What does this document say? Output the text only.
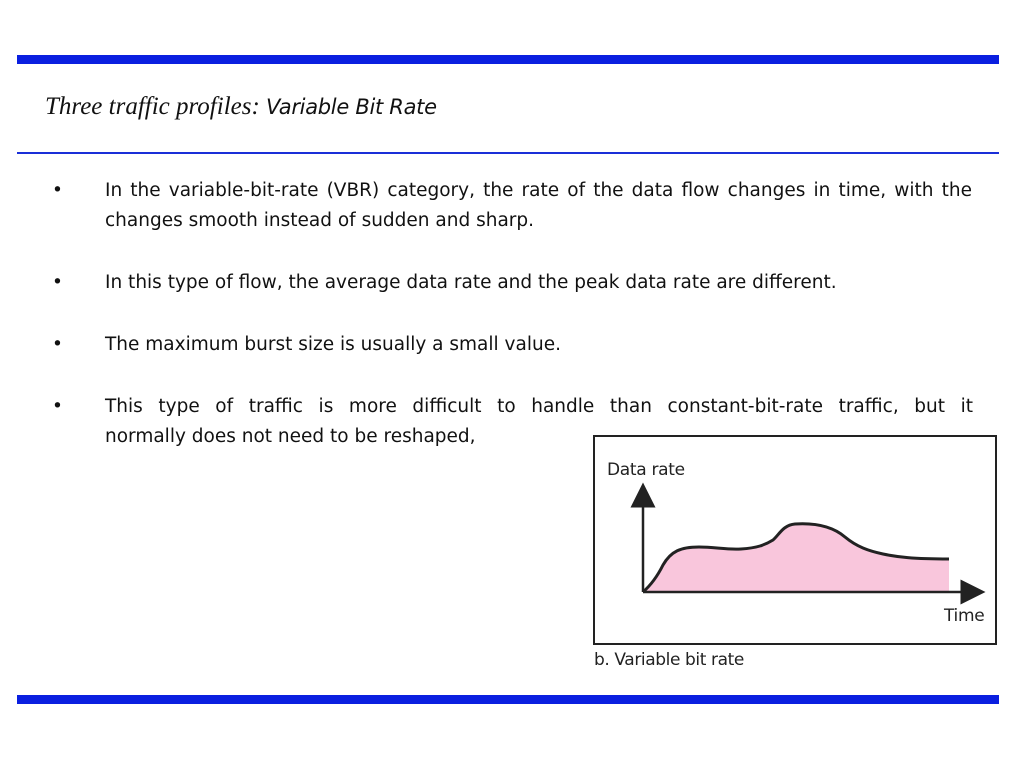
Three traffic profiles: Variable Bit Rate
• In the variable-bit-rate (VBR) category, the rate of the data flow changes in time, with the changes smooth instead of sudden and sharp.
• In this type of flow, the average data rate and the peak data rate are different.
• The maximum burst size is usually a small value.
• This type of traffic is more difficult to handle than constant-bit-rate traffic, but it
normally does not need to be reshaped,
Data rate
Time
b. Variable bit rate
